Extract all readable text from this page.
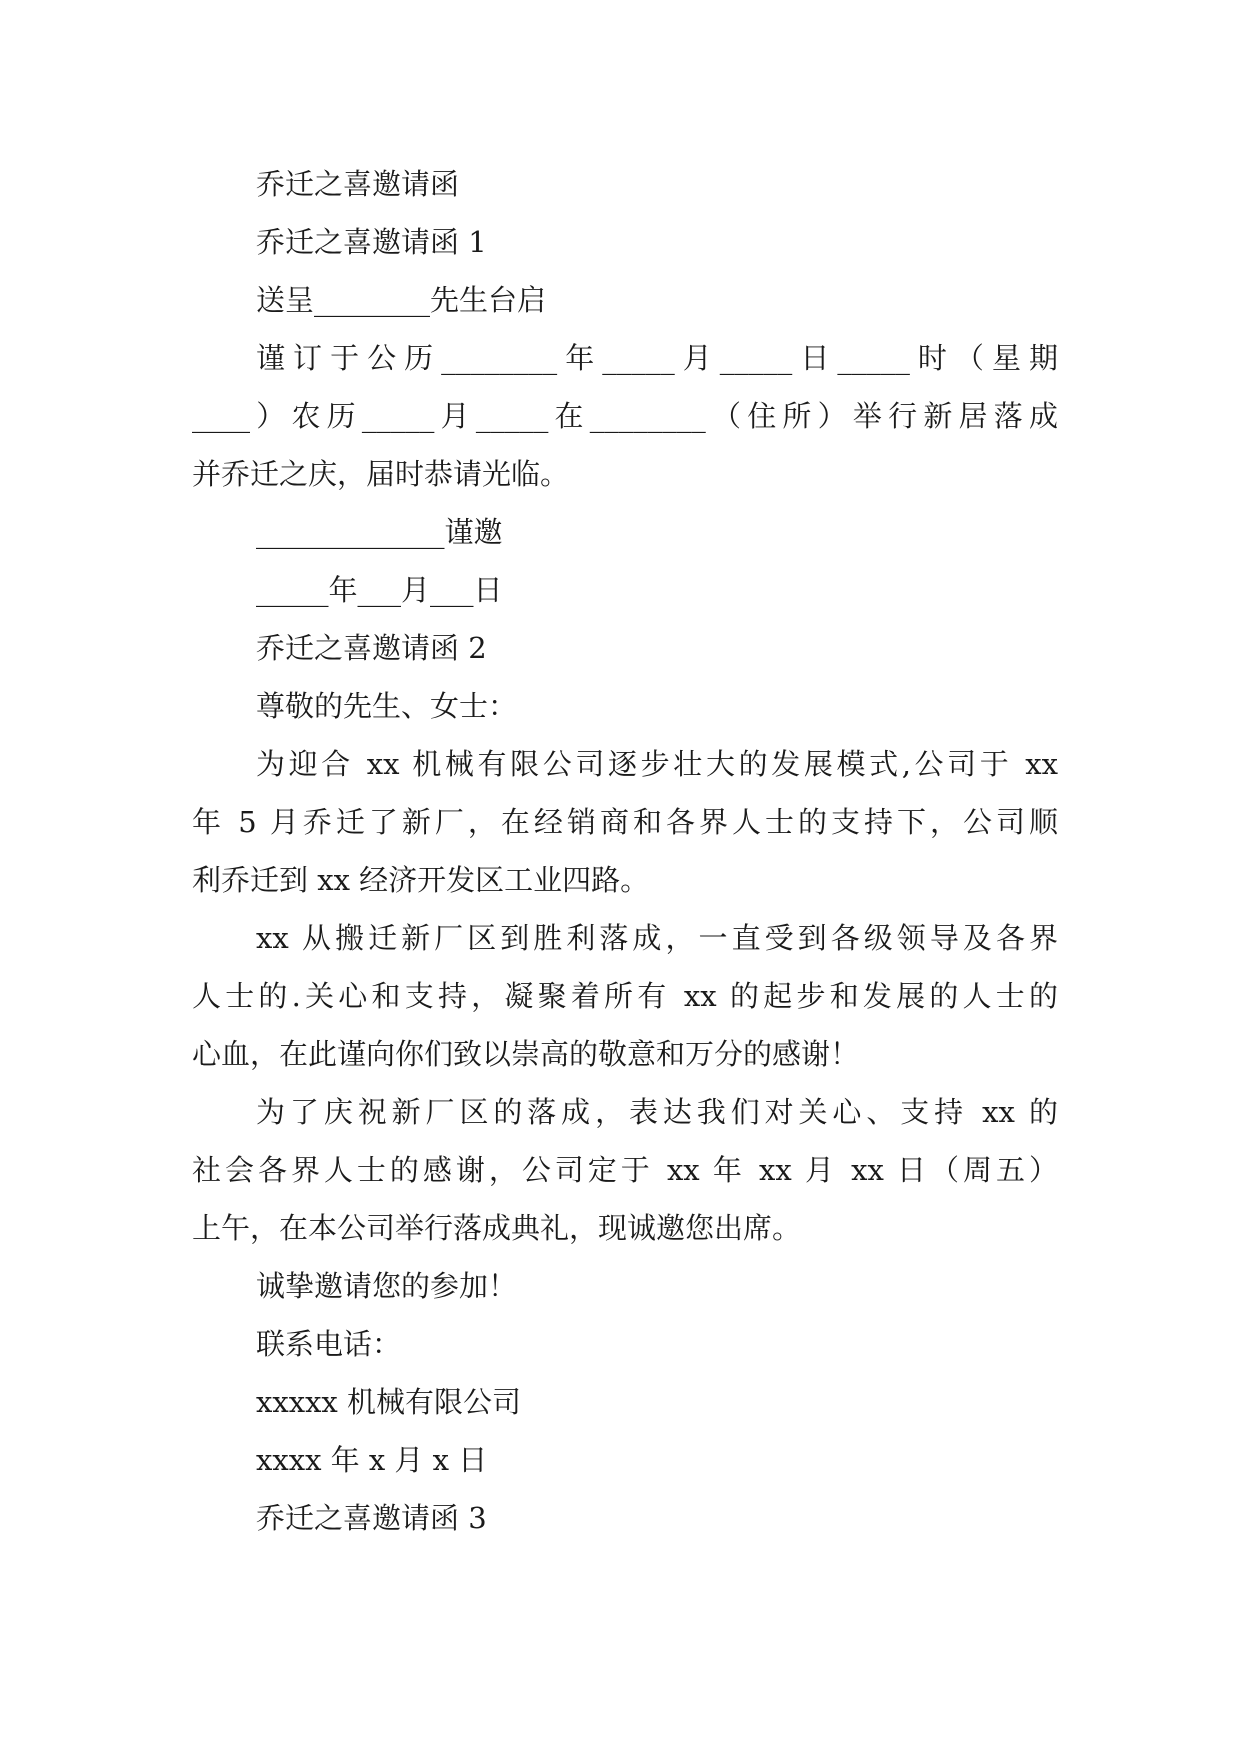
乔迁之喜邀请函

乔迁之喜邀请函 1

送呈________先生台启

谨订于公历________年_____月_____日_____时（星期

____）农历_____月_____在________（住所）举行新居落成

并乔迁之庆，届时恭请光临。

_____________谨邀

_____年___月___日

乔迁之喜邀请函 2

尊敬的先生、女士：

为迎合 xx 机械有限公司逐步壮大的发展模式,公司于 xx

年 5 月乔迁了新厂，在经销商和各界人士的支持下，公司顺

利乔迁到 xx 经济开发区工业四路。

xx 从搬迁新厂区到胜利落成，一直受到各级领导及各界

人士的.关心和支持，凝聚着所有 xx 的起步和发展的人士的

心血，在此谨向你们致以崇高的敬意和万分的感谢！

为了庆祝新厂区的落成，表达我们对关心、支持 xx 的

社会各界人士的感谢，公司定于 xx 年 xx 月 xx 日（周五）

上午，在本公司举行落成典礼，现诚邀您出席。

诚挚邀请您的参加！

联系电话：

xxxxx 机械有限公司

xxxx 年 x 月 x 日

乔迁之喜邀请函 3
